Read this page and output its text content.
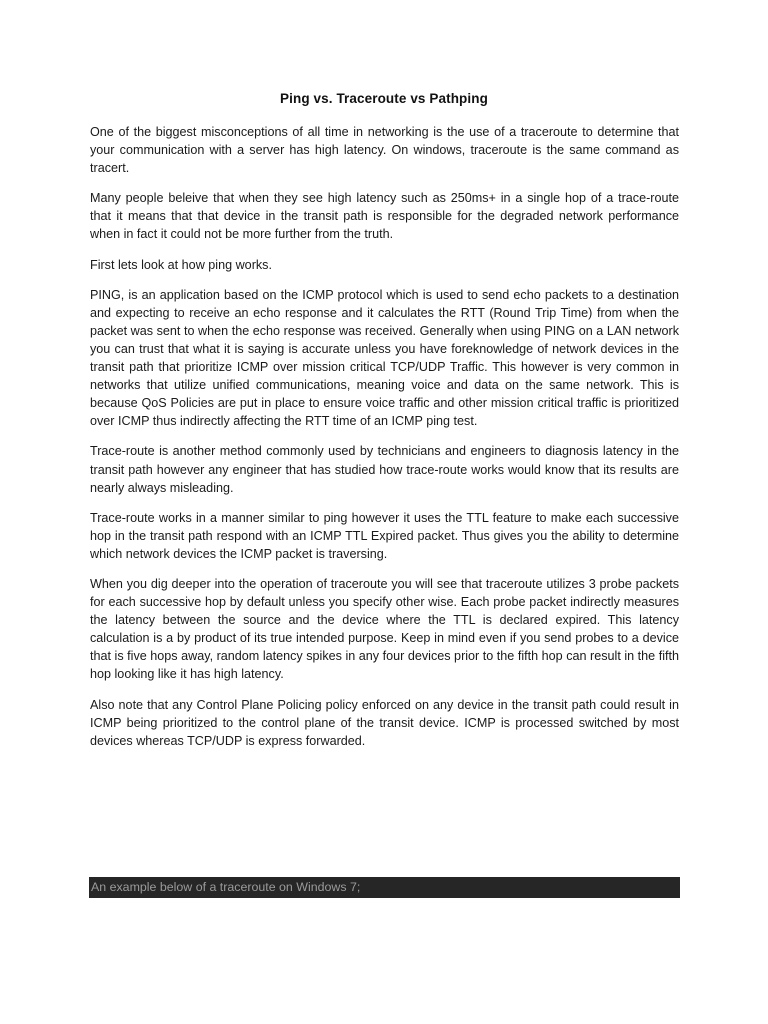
Ping vs. Traceroute vs Pathping

One of the biggest misconceptions of all time in networking is the use of a traceroute to determine that your communication with a server has high latency. On windows, traceroute is the same command as tracert.

Many people beleive that when they see high latency such as 250ms+ in a single hop of a trace-route that it means that that device in the transit path is responsible for the degraded network performance when in fact it could not be more further from the truth.

First lets look at how ping works.

PING, is an application based on the ICMP protocol which is used to send echo packets to a destination and expecting to receive an echo response and it calculates the RTT (Round Trip Time) from when the packet was sent to when the echo response was received. Generally when using PING on a LAN network you can trust that what it is saying is accurate unless you have foreknowledge of network devices in the transit path that prioritize ICMP over mission critical TCP/UDP Traffic. This however is very common in networks that utilize unified communications, meaning voice and data on the same network. This is because QoS Policies are put in place to ensure voice traffic and other mission critical traffic is prioritized over ICMP thus indirectly affecting the RTT time of an ICMP ping test.

Trace-route is another method commonly used by technicians and engineers to diagnosis latency in the transit path however any engineer that has studied how trace-route works would know that its results are nearly always misleading.

Trace-route works in a manner similar to ping however it uses the TTL feature to make each successive hop in the transit path respond with an ICMP TTL Expired packet. Thus gives you the ability to determine which network devices the ICMP packet is traversing.

When you dig deeper into the operation of traceroute you will see that traceroute utilizes 3 probe packets for each successive hop by default unless you specify other wise. Each probe packet indirectly measures the latency between the source and the device where the TTL is declared expired. This latency calculation is a by product of its true intended purpose. Keep in mind even if you send probes to a device that is five hops away, random latency spikes in any four devices prior to the fifth hop can result in the fifth hop looking like it has high latency.

Also note that any Control Plane Policing policy enforced on any device in the transit path could result in ICMP being prioritized to the control plane of the transit device. ICMP is processed switched by most devices whereas TCP/UDP is express forwarded.

An example below of a traceroute on Windows 7;
